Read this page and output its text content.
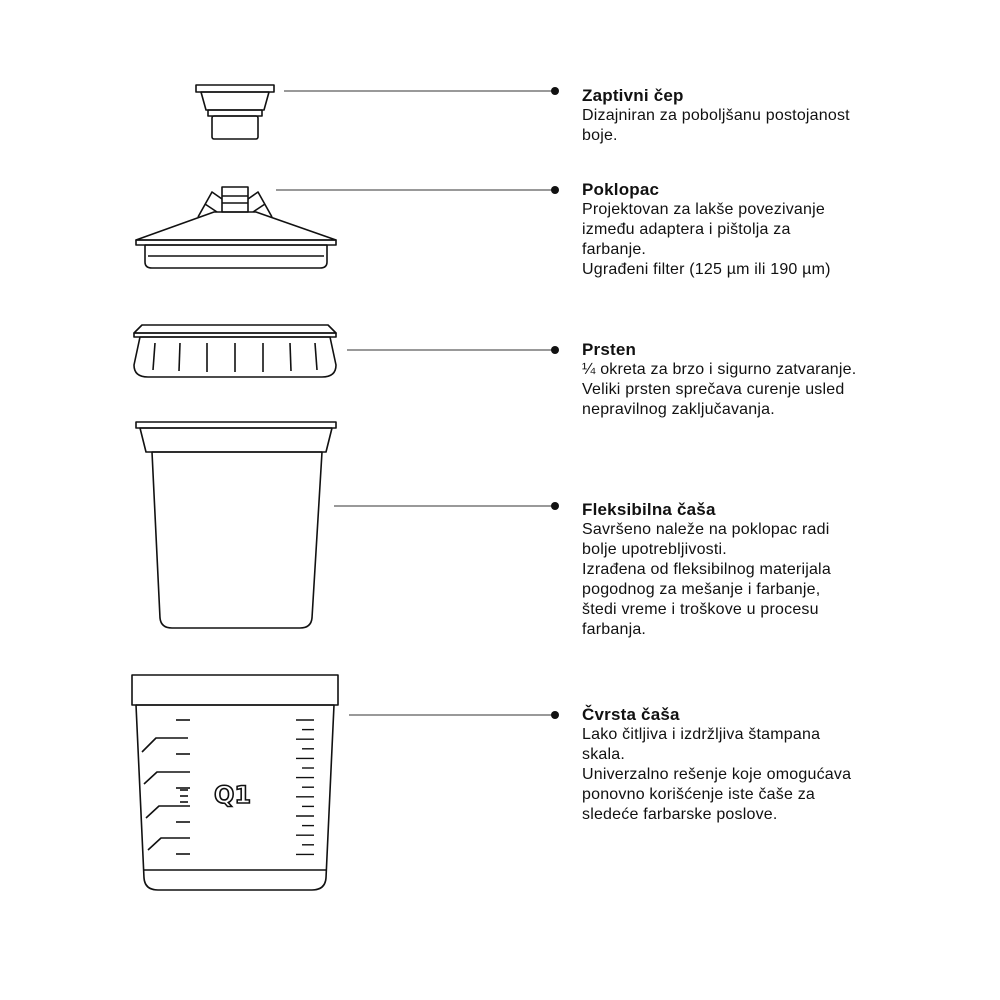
Q1
Zaptivni čep

Dizajniran za poboljšanu postojanost

boje.

Poklopac

Projektovan za lakše povezivanje

između adaptera i pištolja za

farbanje.

Ugrađeni filter (125 µm ili 190 µm)

Prsten

¼ okreta za brzo i sigurno zatvaranje.

Veliki prsten sprečava curenje usled

nepravilnog zaključavanja.

Fleksibilna čaša

Savršeno naleže na poklopac radi

bolje upotrebljivosti.

Izrađena od fleksibilnog materijala

pogodnog za mešanje i farbanje,

štedi vreme i troškove u procesu

farbanja.

Čvrsta čaša

Lako čitljiva i izdržljiva štampana

skala.

Univerzalno rešenje koje omogućava

ponovno korišćenje iste čaše za

sledeće farbarske poslove.
